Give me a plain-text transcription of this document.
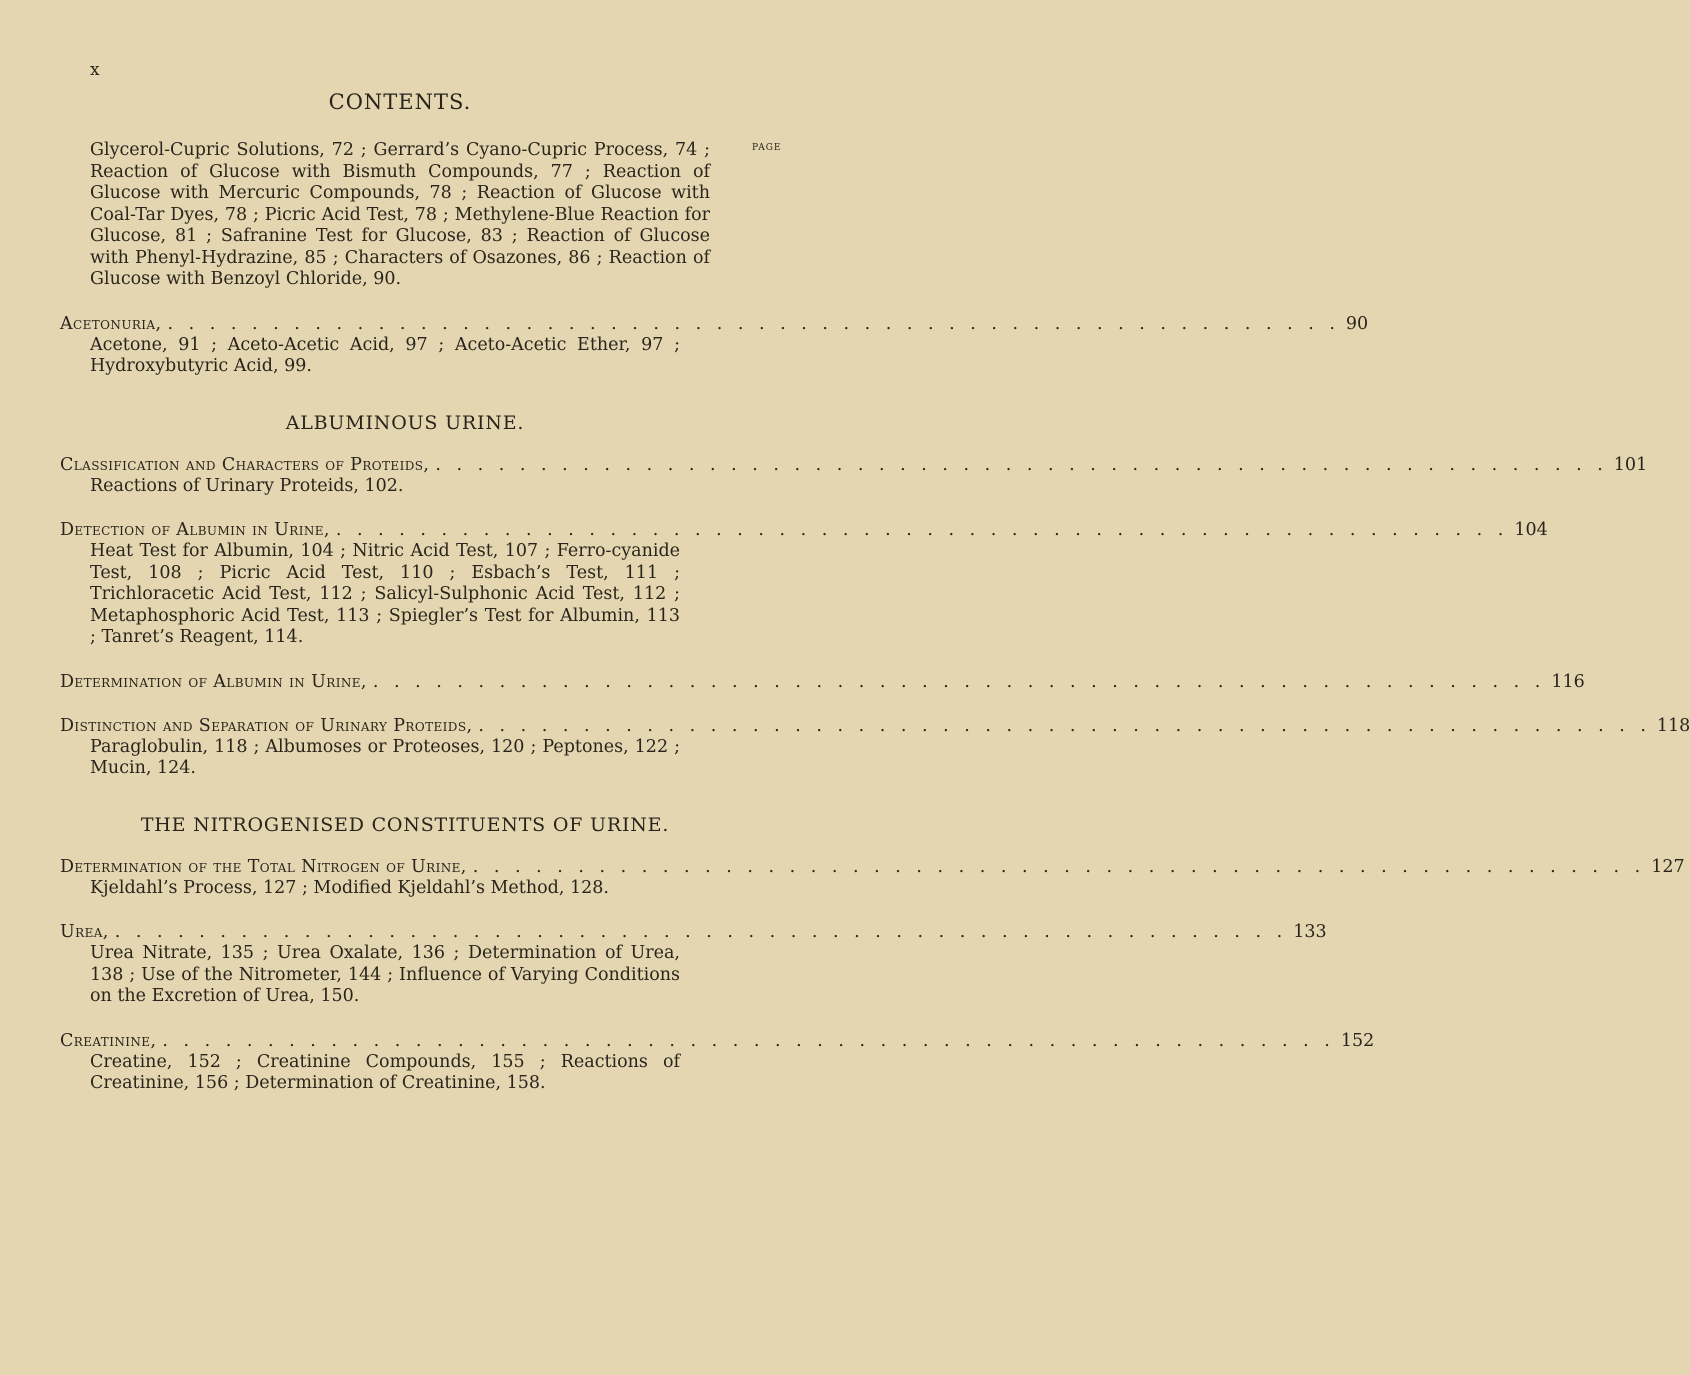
x
CONTENTS.
PAGE

Glycerol-Cupric Solutions, 72 ; Gerrard’s Cyano-Cupric Process, 74 ; Reaction of Glucose with Bismuth Compounds, 77 ; Reaction of Glucose with Mercuric Compounds, 78 ; Reaction of Glucose with Coal-Tar Dyes, 78 ; Picric Acid Test, 78 ; Methylene-Blue Reaction for Glucose, 81 ; Safranine Test for Glucose, 83 ; Reaction of Glucose with Phenyl-Hydrazine, 85 ; Characters of Osazones, 86 ; Reaction of Glucose with Benzoyl Chloride, 90.

Acetonuria, . . . . . . . . . . . . . . . . . . . . . . . . . . . . . . . . . . . . . . . . . . . . . . . . . . . . . . . . 90

Acetone, 91 ; Aceto-Acetic Acid, 97 ; Aceto-Acetic Ether, 97 ; Hydroxybutyric Acid, 99.

ALBUMINOUS URINE.
Classification and Characters of Proteids, . . . . . . . . . . . . . . . . . . . . . . . . . . . . . . . . . . . . . . . . . . . . . . . . . . . . . . . . 101

Reactions of Urinary Proteids, 102.

Detection of Albumin in Urine, . . . . . . . . . . . . . . . . . . . . . . . . . . . . . . . . . . . . . . . . . . . . . . . . . . . . . . . . 104

Heat Test for Albumin, 104 ; Nitric Acid Test, 107 ; Ferro-cyanide Test, 108 ; Picric Acid Test, 110 ; Esbach’s Test, 111 ; Trichloracetic Acid Test, 112 ; Salicyl-Sulphonic Acid Test, 112 ; Metaphosphoric Acid Test, 113 ; Spiegler’s Test for Albumin, 113 ; Tanret’s Reagent, 114.

Determination of Albumin in Urine, . . . . . . . . . . . . . . . . . . . . . . . . . . . . . . . . . . . . . . . . . . . . . . . . . . . . . . . . 116
Distinction and Separation of Urinary Proteids, . . . . . . . . . . . . . . . . . . . . . . . . . . . . . . . . . . . . . . . . . . . . . . . . . . . . . . . . 118

Paraglobulin, 118 ; Albumoses or Proteoses, 120 ; Peptones, 122 ; Mucin, 124.

THE NITROGENISED CONSTITUENTS OF URINE.
Determination of the Total Nitrogen of Urine, . . . . . . . . . . . . . . . . . . . . . . . . . . . . . . . . . . . . . . . . . . . . . . . . . . . . . . . . 127

Kjeldahl’s Process, 127 ; Modified Kjeldahl’s Method, 128.

Urea, . . . . . . . . . . . . . . . . . . . . . . . . . . . . . . . . . . . . . . . . . . . . . . . . . . . . . . . . 133

Urea Nitrate, 135 ; Urea Oxalate, 136 ; Determination of Urea, 138 ; Use of the Nitrometer, 144 ; Influence of Varying Conditions on the Excretion of Urea, 150.

Creatinine, . . . . . . . . . . . . . . . . . . . . . . . . . . . . . . . . . . . . . . . . . . . . . . . . . . . . . . . . 152

Creatine, 152 ; Creatinine Compounds, 155 ; Reactions of Creatinine, 156 ; Determination of Creatinine, 158.
